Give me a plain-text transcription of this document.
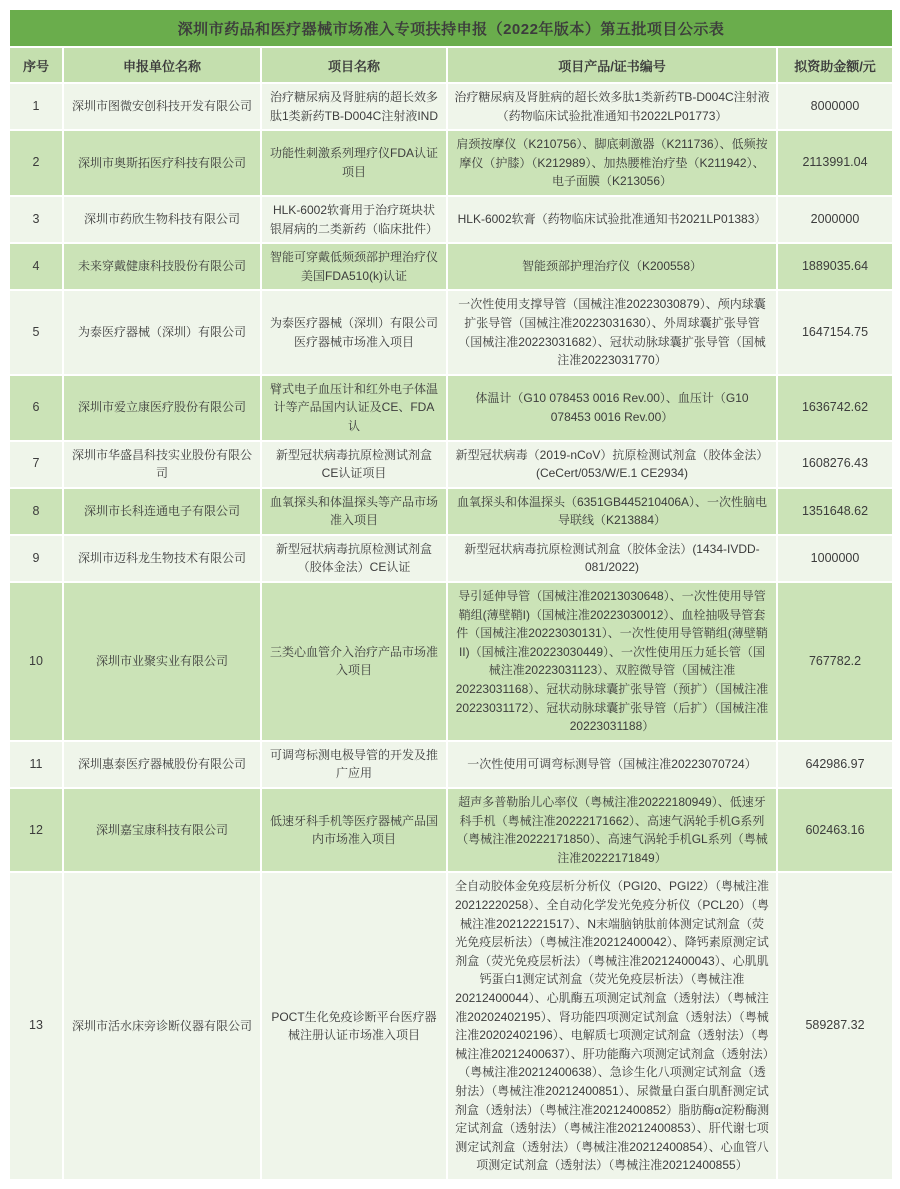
深圳市药品和医疗器械市场准入专项扶持申报（2022年版本）第五批项目公示表				
序号	申报单位名称	项目名称	项目产品/证书编号	拟资助金额/元
1	深圳市图微安创科技开发有限公司	治疗糖尿病及肾脏病的超长效多肽1类新药TB-D004C注射液IND	治疗糖尿病及肾脏病的超长效多肽1类新药TB-D004C注射液（药物临床试验批准通知书2022LP01773）	8000000
2	深圳市奥斯拓医疗科技有限公司	功能性刺激系列理疗仪FDA认证项目	肩颈按摩仪（K210756）、脚底刺激器（K211736）、低频按摩仪（护膝）（K212989）、加热腰椎治疗垫（K211942）、电子面膜（K213056）	2113991.04
3	深圳市药欣生物科技有限公司	HLK-6002软膏用于治疗斑块状银屑病的二类新药（临床批件）	HLK-6002软膏（药物临床试验批准通知书2021LP01383）	2000000
4	未来穿戴健康科技股份有限公司	智能可穿戴低频颈部护理治疗仪美国FDA510(k)认证	智能颈部护理治疗仪（K200558）	1889035.64
5	为泰医疗器械（深圳）有限公司	为泰医疗器械（深圳）有限公司医疗器械市场准入项目	一次性使用支撑导管（国械注准20223030879）、颅内球囊扩张导管（国械注准20223031630）、外周球囊扩张导管（国械注准20223031682）、冠状动脉球囊扩张导管（国械注准20223031770）	1647154.75
6	深圳市爱立康医疗股份有限公司	臂式电子血压计和红外电子体温计等产品国内认证及CE、FDA认	体温计（G10 078453 0016 Rev.00）、血压计（G10 078453 0016 Rev.00）	1636742.62
7	深圳市华盛昌科技实业股份有限公司	新型冠状病毒抗原检测试剂盒CE认证项目	新型冠状病毒（2019-nCoV）抗原检测试剂盒（胶体金法）(CeCert/053/W/E.1 CE2934)	1608276.43
8	深圳市长科连通电子有限公司	血氧探头和体温探头等产品市场准入项目	血氧探头和体温探头（6351GB445210406A）、一次性脑电导联线（K213884）	1351648.62
9	深圳市迈科龙生物技术有限公司	新型冠状病毒抗原检测试剂盒（胶体金法）CE认证	新型冠状病毒抗原检测试剂盒（胶体金法）(1434-IVDD-081/2022)	1000000
10	深圳市业聚实业有限公司	三类心血管介入治疗产品市场准入项目	导引延伸导管（国械注准20213030648）、一次性使用导管鞘组(薄壁鞘I)（国械注准20223030012）、血栓抽吸导管套件（国械注准20223030131）、一次性使用导管鞘组(薄壁鞘II)（国械注准20223030449）、一次性使用压力延长管（国械注准20223031123）、双腔微导管（国械注准20223031168）、冠状动脉球囊扩张导管（预扩）（国械注准20223031172）、冠状动脉球囊扩张导管（后扩）（国械注准20223031188）	767782.2
11	深圳惠泰医疗器械股份有限公司	可调弯标测电极导管的开发及推广应用	一次性使用可调弯标测导管（国械注准20223070724）	642986.97
12	深圳嘉宝康科技有限公司	低速牙科手机等医疗器械产品国内市场准入项目	超声多普勒胎儿心率仪（粤械注准20222180949）、低速牙科手机（粤械注准20222171662）、高速气涡轮手机G系列（粤械注准20222171850）、高速气涡轮手机GL系列（粤械注准20222171849）	602463.16
13	深圳市活水床旁诊断仪器有限公司	POCT生化免疫诊断平台医疗器械注册认证市场准入项目	全自动胶体金免疫层析分析仪（PGI20、PGI22）（粤械注准20212220258）、全自动化学发光免疫分析仪（PCL20）（粤械注准20212221517）、N末端脑钠肽前体测定试剂盒（荧光免疫层析法）（粤械注准20212400042）、降钙素原测定试剂盒（荧光免疫层析法）（粤械注准20212400043）、心肌肌钙蛋白1测定试剂盒（荧光免疫层析法）（粤械注准20212400044）、心肌酶五项测定试剂盒（透射法）（粤械注准20202402195）、肾功能四项测定试剂盒（透射法）（粤械注准20202402196）、电解质七项测定试剂盒（透射法）（粤械注准20212400637）、肝功能酶六项测定试剂盒（透射法）（粤械注准20212400638）、急诊生化八项测定试剂盒（透射法）（粤械注准20212400851）、尿微量白蛋白肌酐测定试剂盒（透射法）（粤械注准20212400852）脂肪酶α淀粉酶测定试剂盒（透射法）（粤械注准20212400853）、肝代谢七项测定试剂盒（透射法）（粤械注准20212400854）、心血管八项测定试剂盒（透射法）（粤械注准20212400855）	589287.32
